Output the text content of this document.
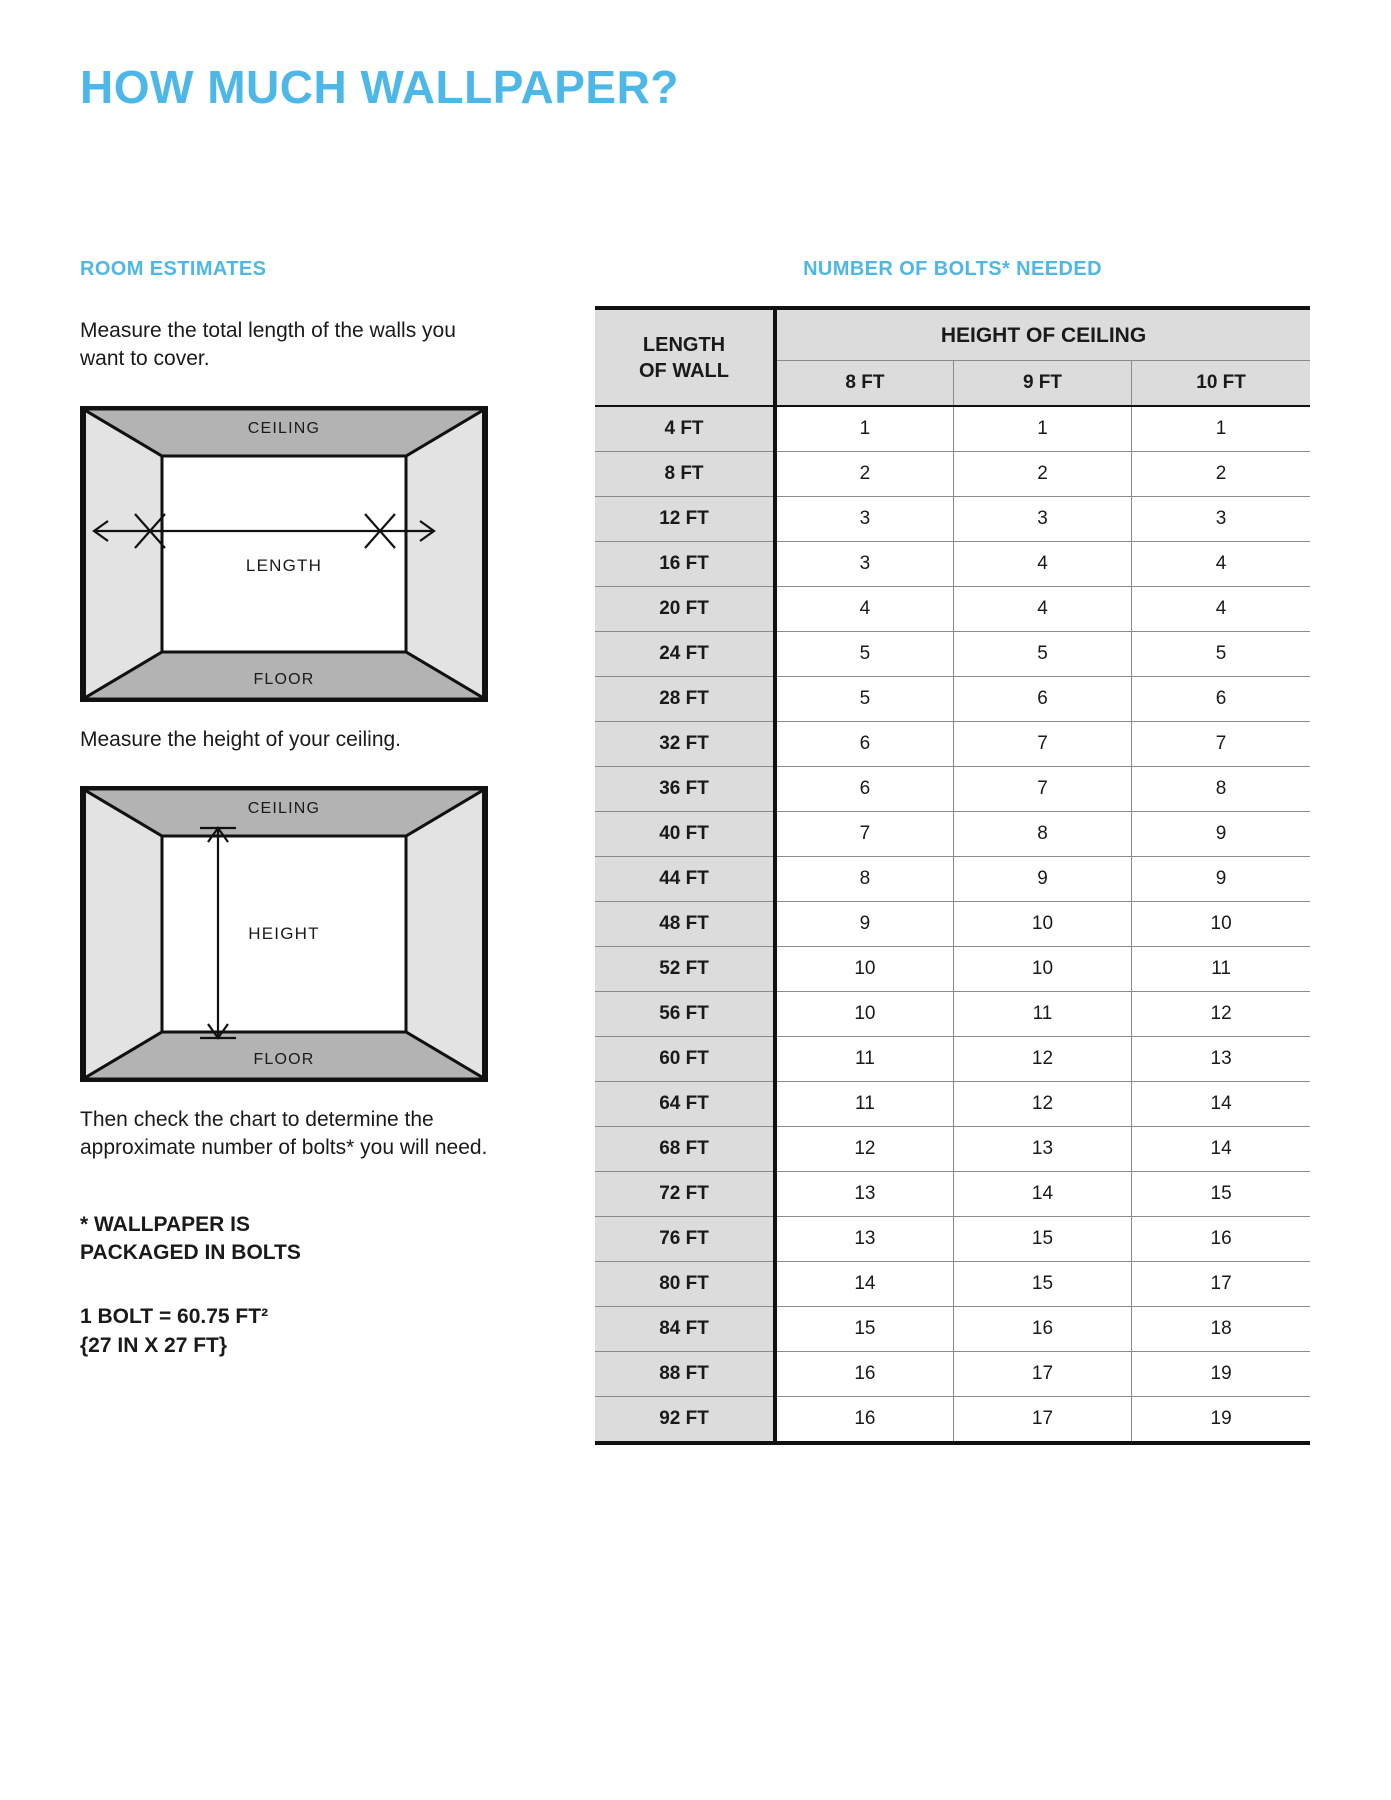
HOW MUCH WALLPAPER?
ROOM ESTIMATES

Measure the total length of the walls you want to cover.

CEILING
FLOOR
LENGTH

Measure the height of your ceiling.

CEILING
FLOOR
HEIGHT

Then check the chart to determine the approximate number of bolts* you will need.

* WALLPAPER IS

PACKAGED IN BOLTS

1 BOLT = 60.75 FT²

{27 IN X 27 FT}

NUMBER OF BOLTS* NEEDED
LENGTH
OF WALL	HEIGHT OF CEILING		
	8 FT	9 FT	10 FT
4 FT	1	1	1
8 FT	2	2	2
12 FT	3	3	3
16 FT	3	4	4
20 FT	4	4	4
24 FT	5	5	5
28 FT	5	6	6
32 FT	6	7	7
36 FT	6	7	8
40 FT	7	8	9
44 FT	8	9	9
48 FT	9	10	10
52 FT	10	10	11
56 FT	10	11	12
60 FT	11	12	13
64 FT	11	12	14
68 FT	12	13	14
72 FT	13	14	15
76 FT	13	15	16
80 FT	14	15	17
84 FT	15	16	18
88 FT	16	17	19
92 FT	16	17	19
